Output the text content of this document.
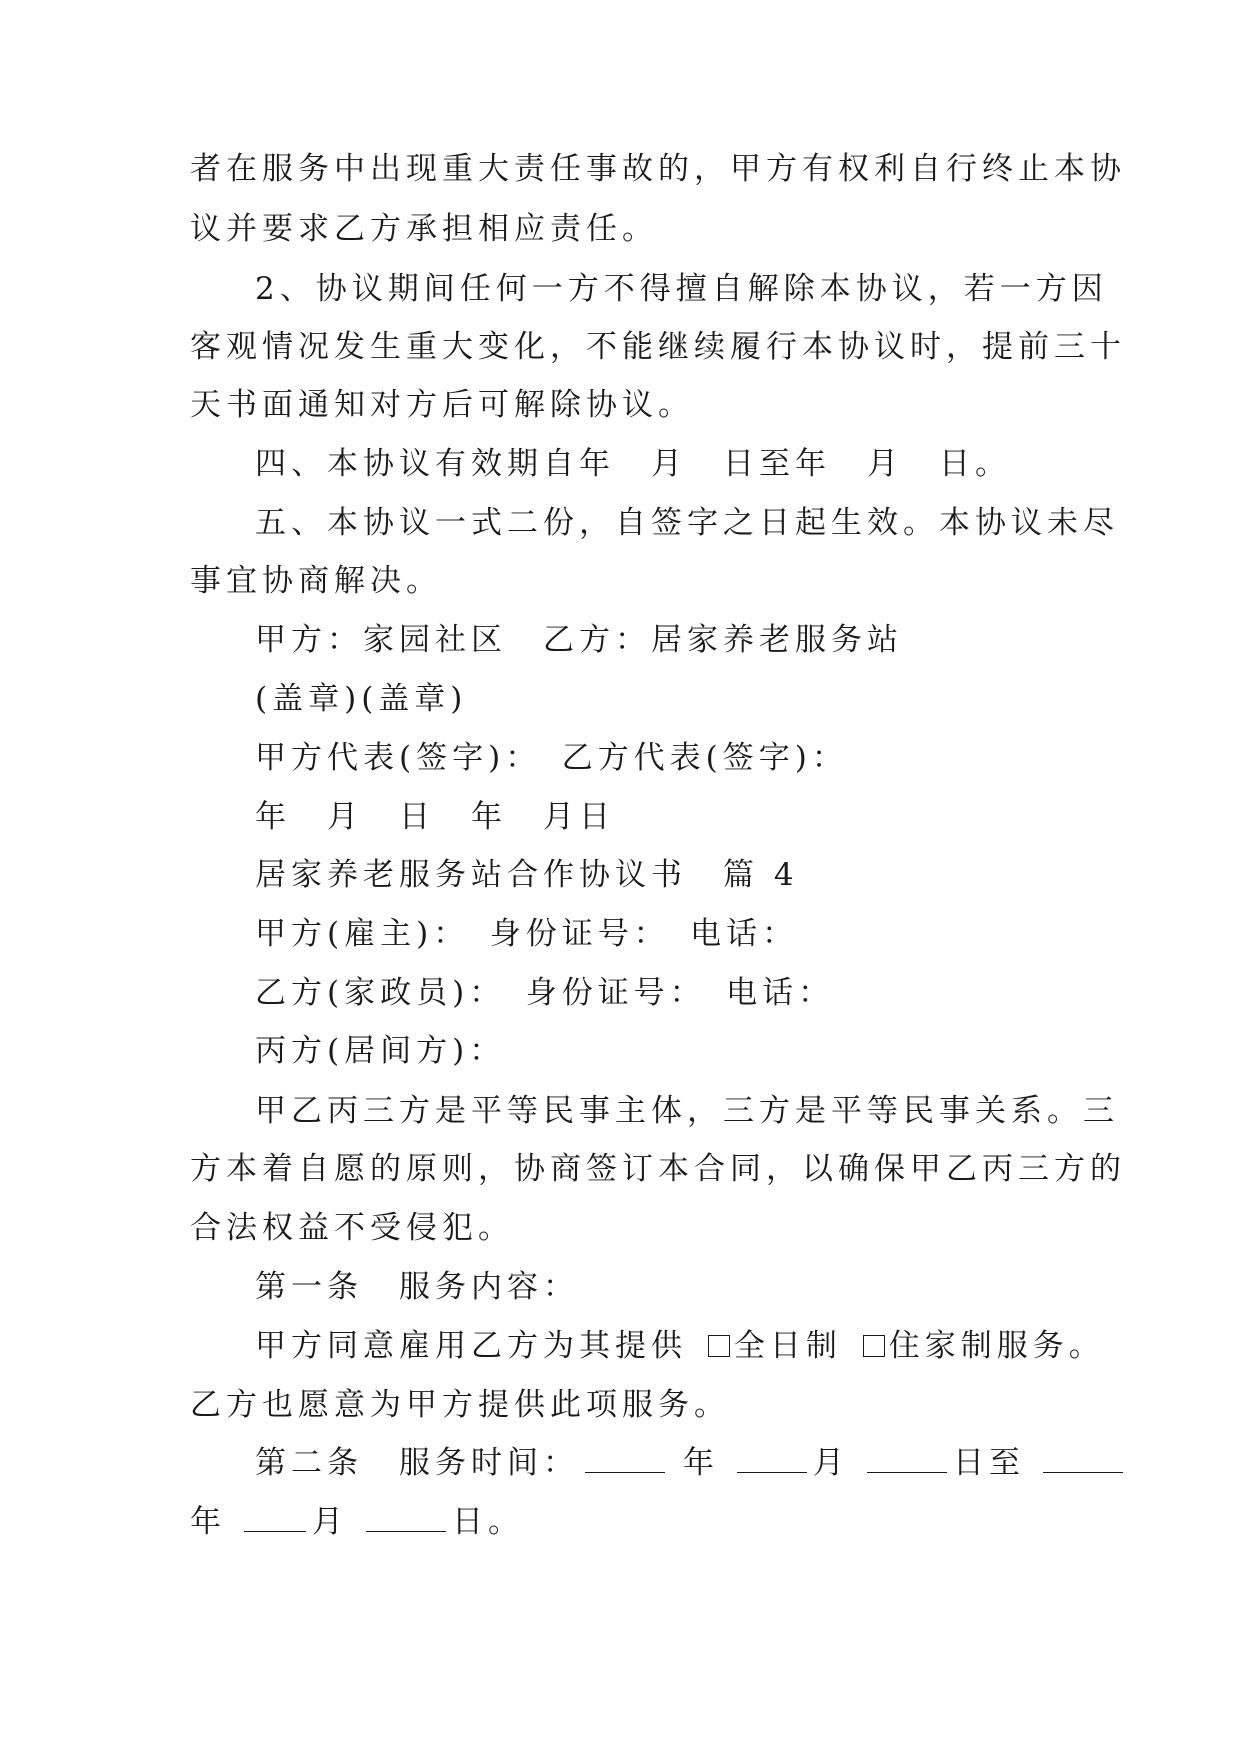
者在服务中出现重大责任事故的，甲方有权利自行终止本协
议并要求乙方承担相应责任。
2、协议期间任何一方不得擅自解除本协议，若一方因
客观情况发生重大变化，不能继续履行本协议时，提前三十
天书面通知对方后可解除协议。
四、本协议有效期自年　月　日至年　月　日。
五、本协议一式二份，自签字之日起生效。本协议未尽
事宜协商解决。
甲方：家园社区　乙方：居家养老服务站
(盖章)(盖章)
甲方代表(签字)：　乙方代表(签字)：
年　月　日　年　月日
居家养老服务站合作协议书　篇 4
甲方(雇主)：　身份证号：　电话：
乙方(家政员)：　身份证号：　电话：
丙方(居间方)：
甲乙丙三方是平等民事主体，三方是平等民事关系。三
方本着自愿的原则，协商签订本合同，以确保甲乙丙三方的
合法权益不受侵犯。
第一条　服务内容：
甲方同意雇用乙方为其提供 全日制 住家制服务。
乙方也愿意为甲方提供此项服务。
第二条　服务时间：	年	月	日至
年	月	日。
